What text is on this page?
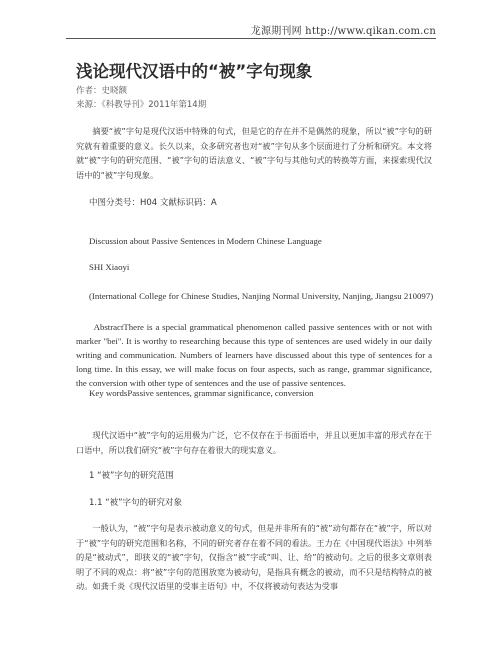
龙源期刊网 http://www.qikan.com.cn
浅论现代汉语中的“被”字句现象
作者：史晓额
来源：《科教导刊》2011年第14期

摘要“被”字句是现代汉语中特殊的句式，但是它的存在并不是偶然的现象，所以“被”字句的研究就有着重要的意义。长久以来，众多研究者也对“被”字句从多个层面进行了分析和研究。本文将就“被”字句的研究范围、“被”字句的语法意义、“被”字句与其他句式的转换等方面，来探索现代汉语中的“被”字句现象。

中图分类号：H04 文献标识码：A
Discussion about Passive Sentences in Modern Chinese Language
SHI Xiaoyi
(International College for Chinese Studies, Nanjing Normal University, Nanjing, Jiangsu 210097)

AbstractThere is a special grammatical phenomenon called passive sentences with or not with marker "bei". It is worthy to researching because this type of sentences are used widely in our daily writing and communication. Numbers of learners have discussed about this type of sentences for a long time. In this essay, we will make focus on four aspects, such as range, grammar significance, the conversion with other type of sentences and the use of passive sentences.

Key wordsPassive sentences, grammar significance, conversion

现代汉语中“被”字句的运用极为广泛，它不仅存在于书面语中，并且以更加丰富的形式存在于口语中，所以我们研究“被”字句存在着很大的现实意义。

1 “被”字句的研究范围
1.1 “被”字句的研究对象

一般认为，“被”字句是表示被动意义的句式，但是并非所有的“被”动句都存在“被”字，所以对于“被”字句的研究范围和名称，不同的研究者存在着不同的看法。王力在《中国现代语法》中列举的是“被动式”，即狭义的“被”字句，仅指含“被”字或“叫、让、给”的被动句。之后的很多文章则表明了不同的观点：将“被”字句的范围放宽为被动句，是指具有概念的被动，而不只是结构特点的被动。如龚千炎《现代汉语里的受事主语句》中，不仅将被动句表达为受事
